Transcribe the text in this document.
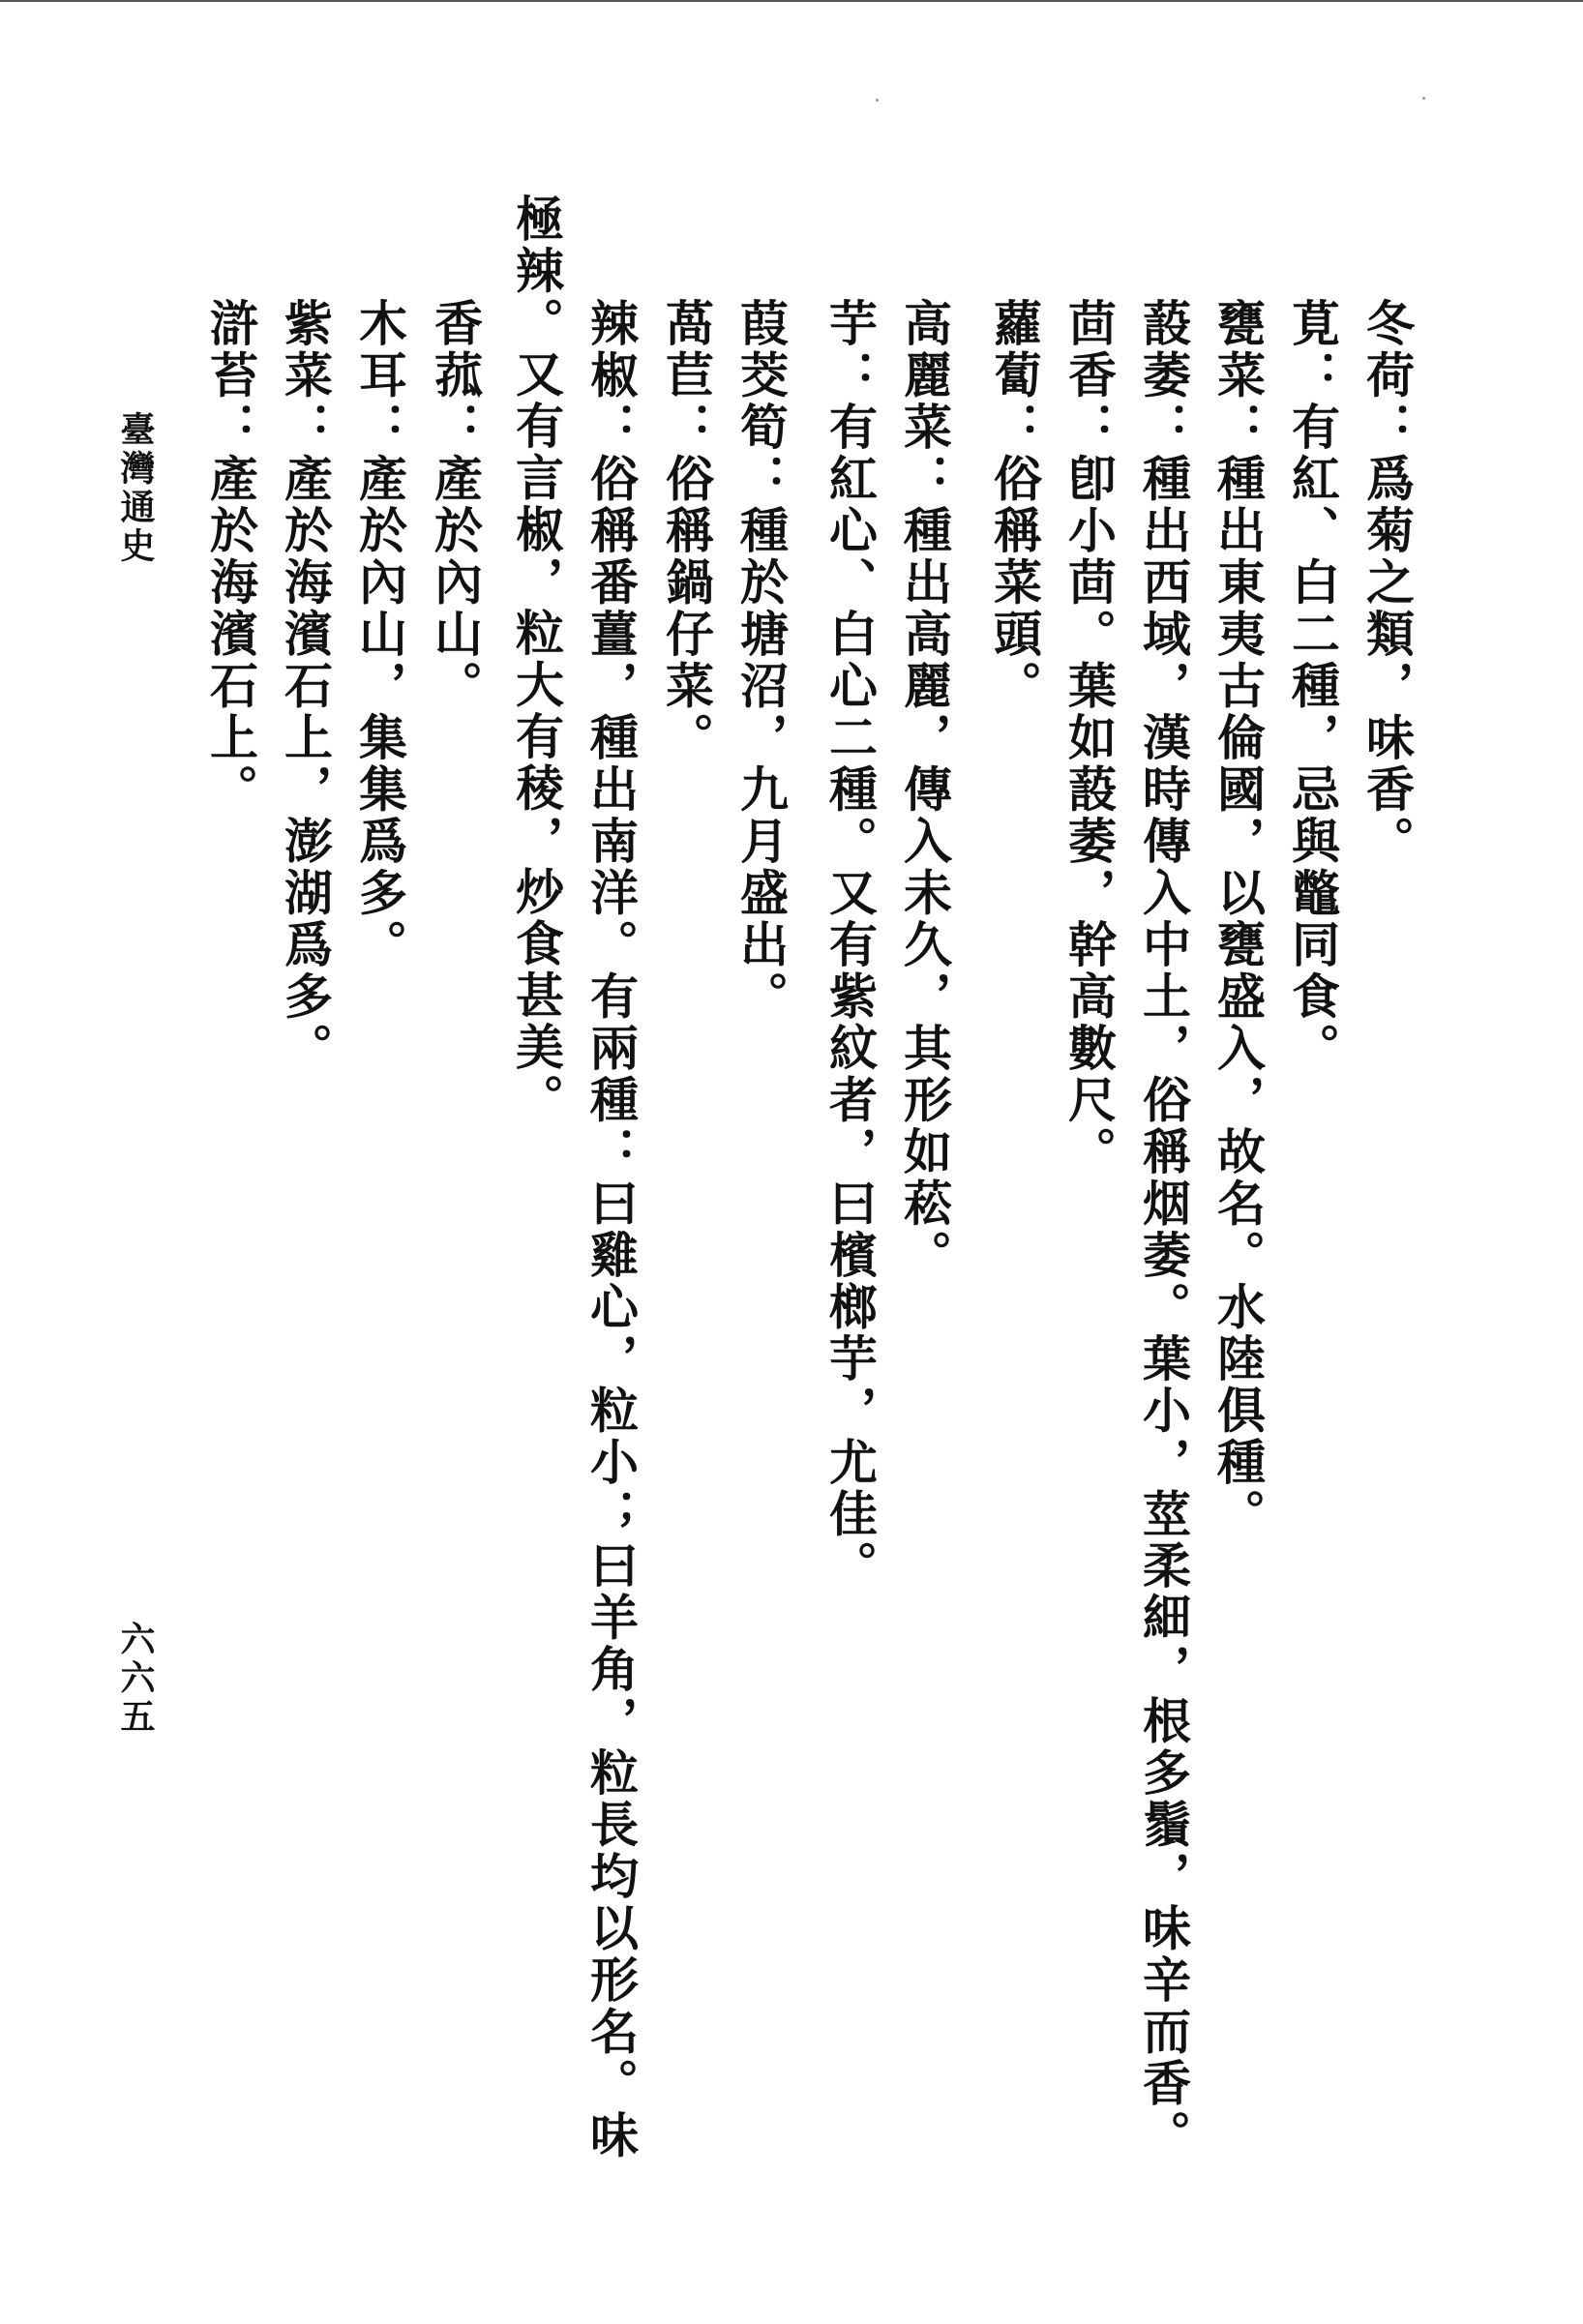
冬荷：爲菊之類，味香。
莧：有紅、白二種，忌與鼈同食。
甕菜：種出東夷古倫國，以甕盛入，故名。水陸俱種。
蔎萎：種出西域，漢時傳入中土，俗稱烟萎。葉小，莖柔細，根多鬚，味辛而香。
茴香：卽小茴。葉如蔎萎，幹高數尺。
蘿蔔：俗稱菜頭。
高麗菜：種出高麗，傳入未久，其形如菘。
芋：有紅心、白心二種。又有紫紋者，曰檳榔芋，尤佳。
葭茭筍：種於塘沼，九月盛出。
萵苣：俗稱鍋仔菜。
辣椒：俗稱番薑，種出南洋。有兩種：曰雞心，粒小；曰羊角，粒長均以形名。味
極辣。又有言椒，粒大有稜，炒食甚美。
香菰：產於內山。
木耳：產於內山，集集爲多。
紫菜：產於海濱石上，澎湖爲多。
滸苔：產於海濱石上。
臺灣通史
六六五
